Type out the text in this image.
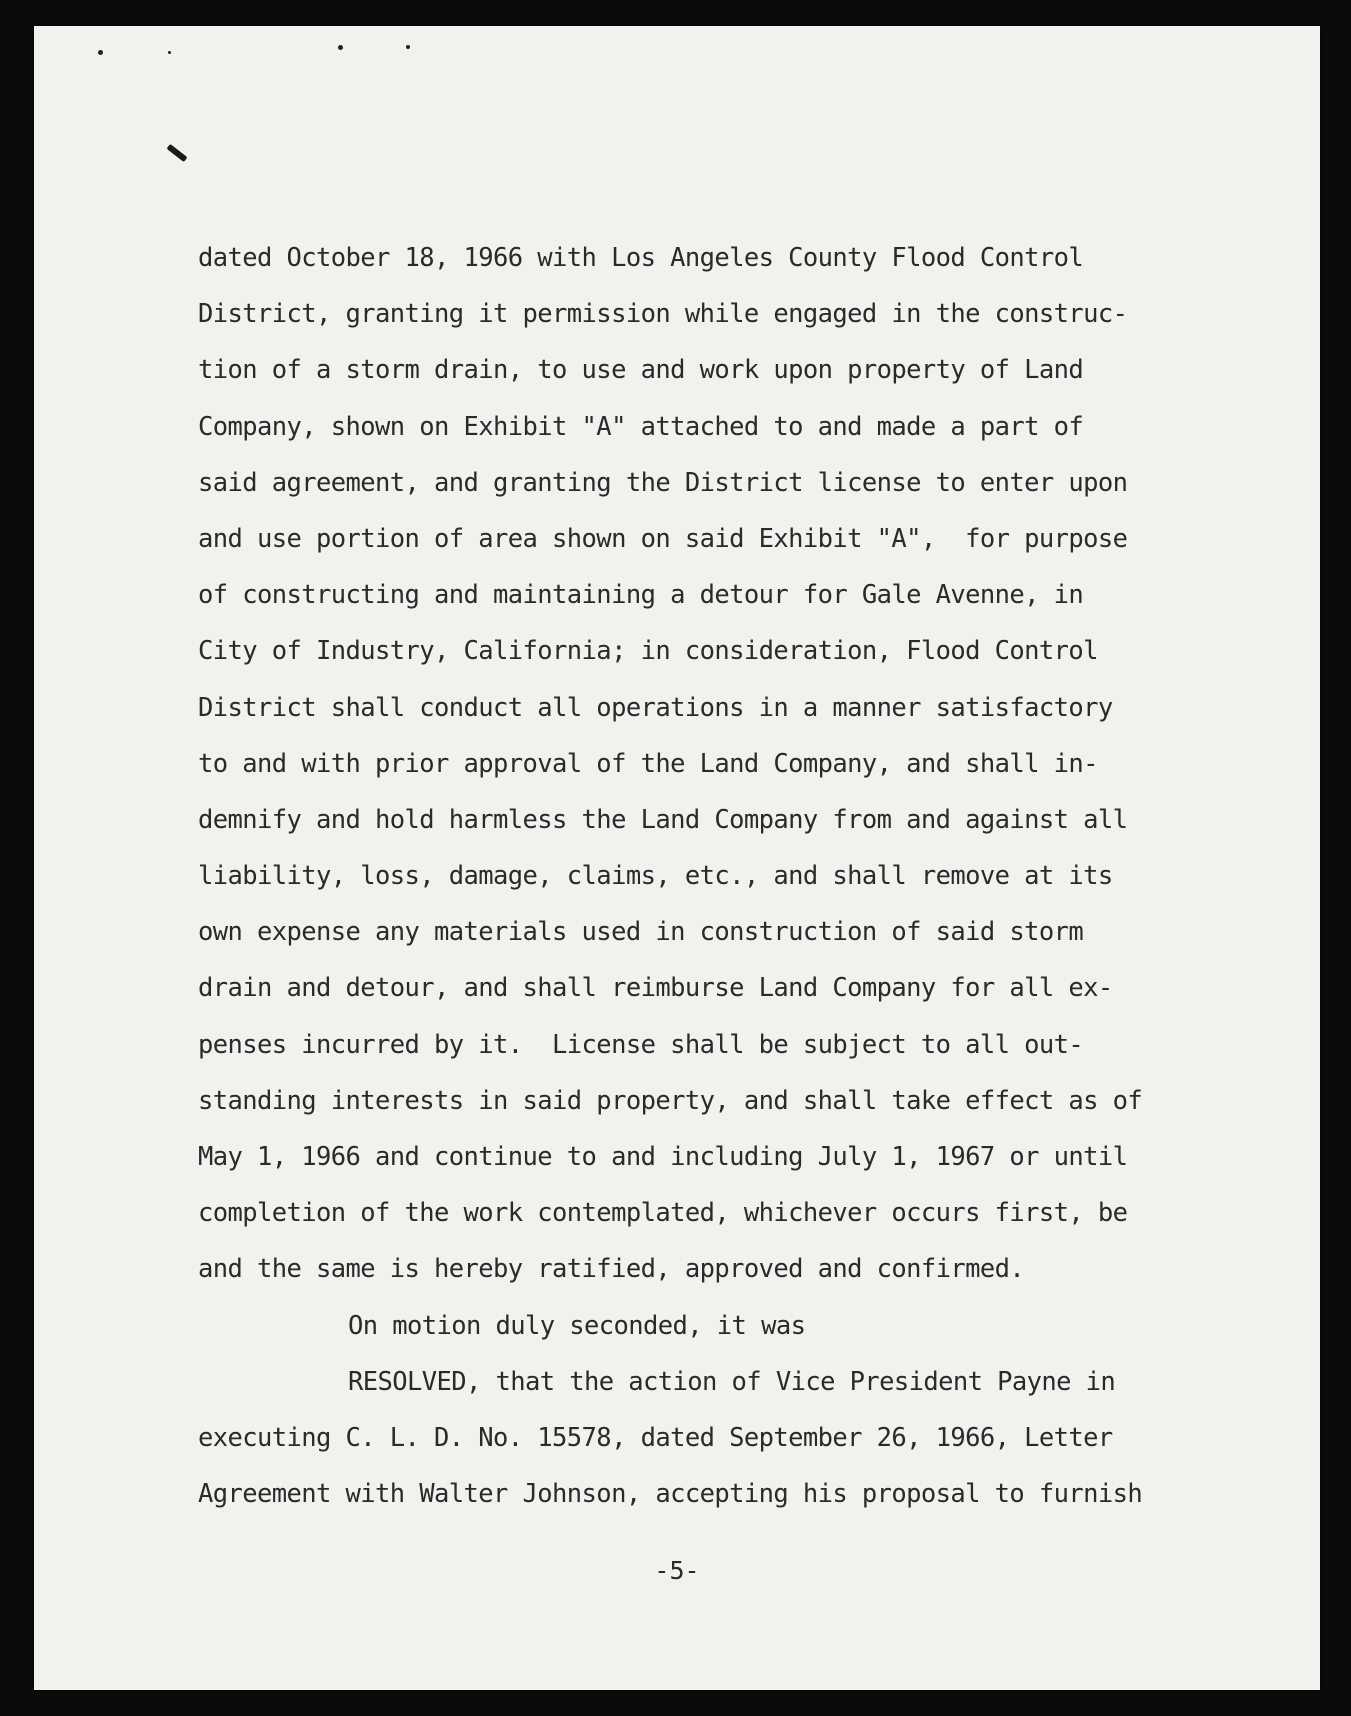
dated October 18, 1966 with Los Angeles County Flood Control
District, granting it permission while engaged in the construc-
tion of a storm drain, to use and work upon property of Land
Company, shown on Exhibit "A" attached to and made a part of
said agreement, and granting the District license to enter upon
and use portion of area shown on said Exhibit "A",  for purpose
of constructing and maintaining a detour for Gale Avenne, in
City of Industry, California; in consideration, Flood Control
District shall conduct all operations in a manner satisfactory
to and with prior approval of the Land Company, and shall in-
demnify and hold harmless the Land Company from and against all
liability, loss, damage, claims, etc., and shall remove at its
own expense any materials used in construction of said storm
drain and detour, and shall reimburse Land Company for all ex-
penses incurred by it.  License shall be subject to all out-
standing interests in said property, and shall take effect as of
May 1, 1966 and continue to and including July 1, 1967 or until
completion of the work contemplated, whichever occurs first, be
and the same is hereby ratified, approved and confirmed.
On motion duly seconded, it was
RESOLVED, that the action of Vice President Payne in
executing C. L. D. No. 15578, dated September 26, 1966, Letter
Agreement with Walter Johnson, accepting his proposal to furnish
-5-
